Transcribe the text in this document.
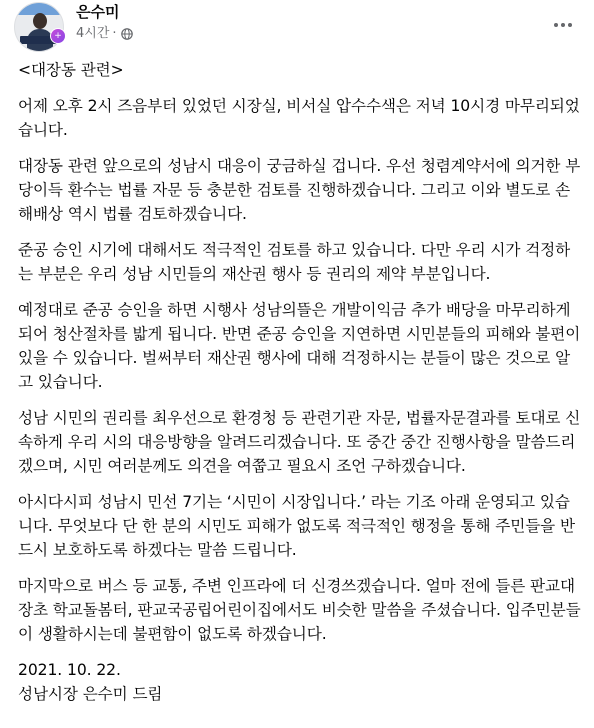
+
은수미
4시간 ·

<대장동 관련>

어제 오후 2시 즈음부터 있었던 시장실, 비서실 압수수색은 저녁 10시경 마무리되었습니다.

대장동 관련 앞으로의 성남시 대응이 궁금하실 겁니다. 우선 청렴계약서에 의거한 부당이득 환수는 법률 자문 등 충분한 검토를 진행하겠습니다. 그리고 이와 별도로 손해배상 역시 법률 검토하겠습니다.

준공 승인 시기에 대해서도 적극적인 검토를 하고 있습니다. 다만 우리 시가 걱정하는 부분은 우리 성남 시민들의 재산권 행사 등 권리의 제약 부분입니다.

예정대로 준공 승인을 하면 시행사 성남의뜰은 개발이익금 추가 배당을 마무리하게 되어 청산절차를 밟게 됩니다. 반면 준공 승인을 지연하면 시민분들의 피해와 불편이 있을 수 있습니다. 벌써부터 재산권 행사에 대해 걱정하시는 분들이 많은 것으로 알고 있습니다.

성남 시민의 권리를 최우선으로 환경청 등 관련기관 자문, 법률자문결과를 토대로 신속하게 우리 시의 대응방향을 알려드리겠습니다. 또 중간 중간 진행사항을 말씀드리겠으며, 시민 여러분께도 의견을 여쭙고 필요시 조언 구하겠습니다.

아시다시피 성남시 민선 7기는 ‘시민이 시장입니다.’ 라는 기조 아래 운영되고 있습니다. 무엇보다 단 한 분의 시민도 피해가 없도록 적극적인 행정을 통해 주민들을 반드시 보호하도록 하겠다는 말씀 드립니다.

마지막으로 버스 등 교통, 주변 인프라에 더 신경쓰겠습니다. 얼마 전에 들른 판교대장초 학교돌봄터, 판교국공립어린이집에서도 비슷한 말씀을 주셨습니다. 입주민분들이 생활하시는데 불편함이 없도록 하겠습니다.

2021. 10. 22.

성남시장 은수미 드림
